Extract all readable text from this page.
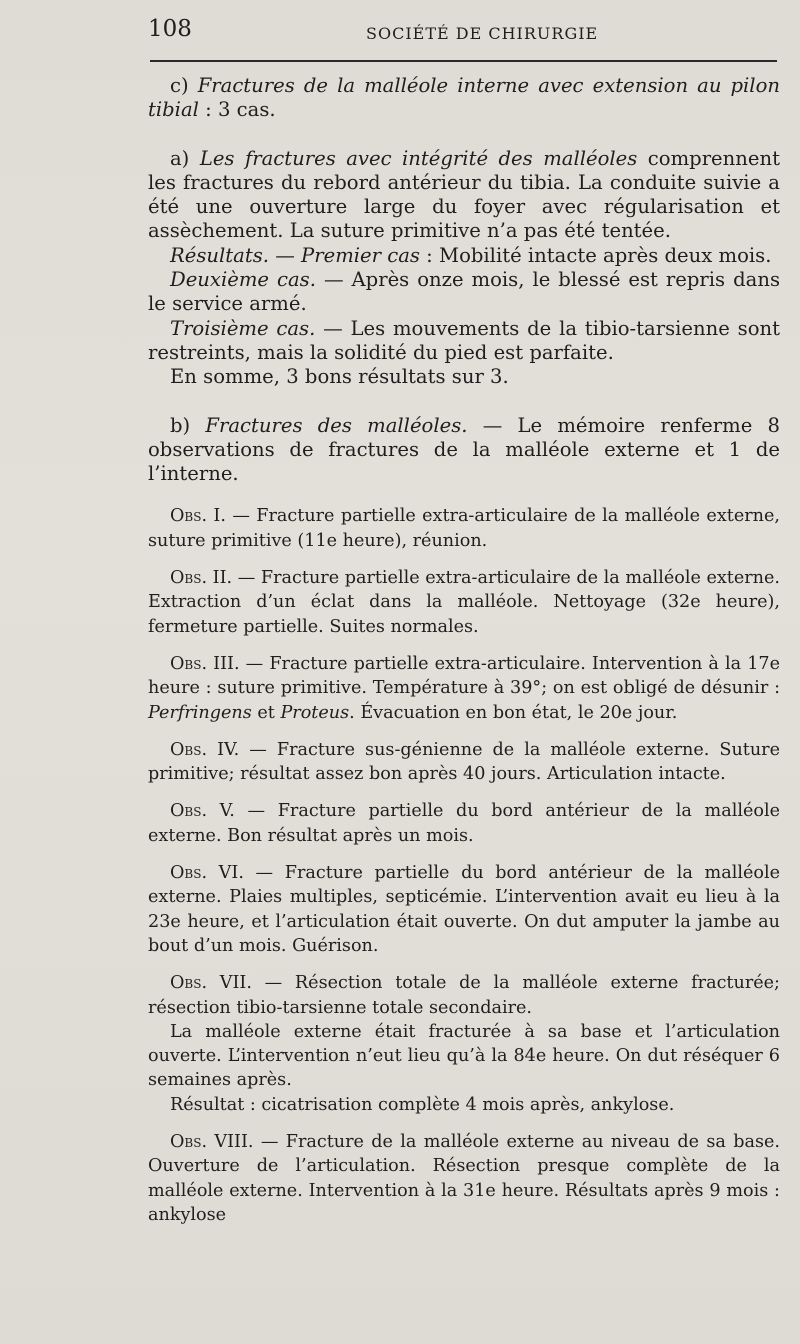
108	SOCIÉTÉ DE CHIRURGIE

c) Fractures de la malléole interne avec extension au pilon tibial : 3 cas.

a) Les fractures avec intégrité des malléoles comprennent les fractures du rebord antérieur du tibia. La conduite suivie a été une ouverture large du foyer avec régularisation et assèchement. La suture primitive n’a pas été tentée.

Résultats. — Premier cas : Mobilité intacte après deux mois.

Deuxième cas. — Après onze mois, le blessé est repris dans le service armé.

Troisième cas. — Les mouvements de la tibio-tarsienne sont restreints, mais la solidité du pied est parfaite.

En somme, 3 bons résultats sur 3.

b) Fractures des malléoles. — Le mémoire renferme 8 observations de fractures de la malléole externe et 1 de l’interne.

Obs. I. — Fracture partielle extra-articulaire de la malléole externe, suture primitive (11e heure), réunion.

Obs. II. — Fracture partielle extra-articulaire de la malléole externe. Extraction d’un éclat dans la malléole. Nettoyage (32e heure), fermeture partielle. Suites normales.

Obs. III. — Fracture partielle extra-articulaire. Intervention à la 17e heure : suture primitive. Température à 39°; on est obligé de désunir : Perfringens et Proteus. Évacuation en bon état, le 20e jour.

Obs. IV. — Fracture sus-génienne de la malléole externe. Suture primitive; résultat assez bon après 40 jours. Articulation intacte.

Obs. V. — Fracture partielle du bord antérieur de la malléole externe. Bon résultat après un mois.

Obs. VI. — Fracture partielle du bord antérieur de la malléole externe. Plaies multiples, septicémie. L’intervention avait eu lieu à la 23e heure, et l’articulation était ouverte. On dut amputer la jambe au bout d’un mois. Guérison.

Obs. VII. — Résection totale de la malléole externe fracturée; résection tibio-tarsienne totale secondaire.

La malléole externe était fracturée à sa base et l’articulation ouverte. L’intervention n’eut lieu qu’à la 84e heure. On dut réséquer 6 semaines après.

Résultat : cicatrisation complète 4 mois après, ankylose.

Obs. VIII. — Fracture de la malléole externe au niveau de sa base. Ouverture de l’articulation. Résection presque complète de la malléole externe. Intervention à la 31e heure. Résultats après 9 mois : ankylose
